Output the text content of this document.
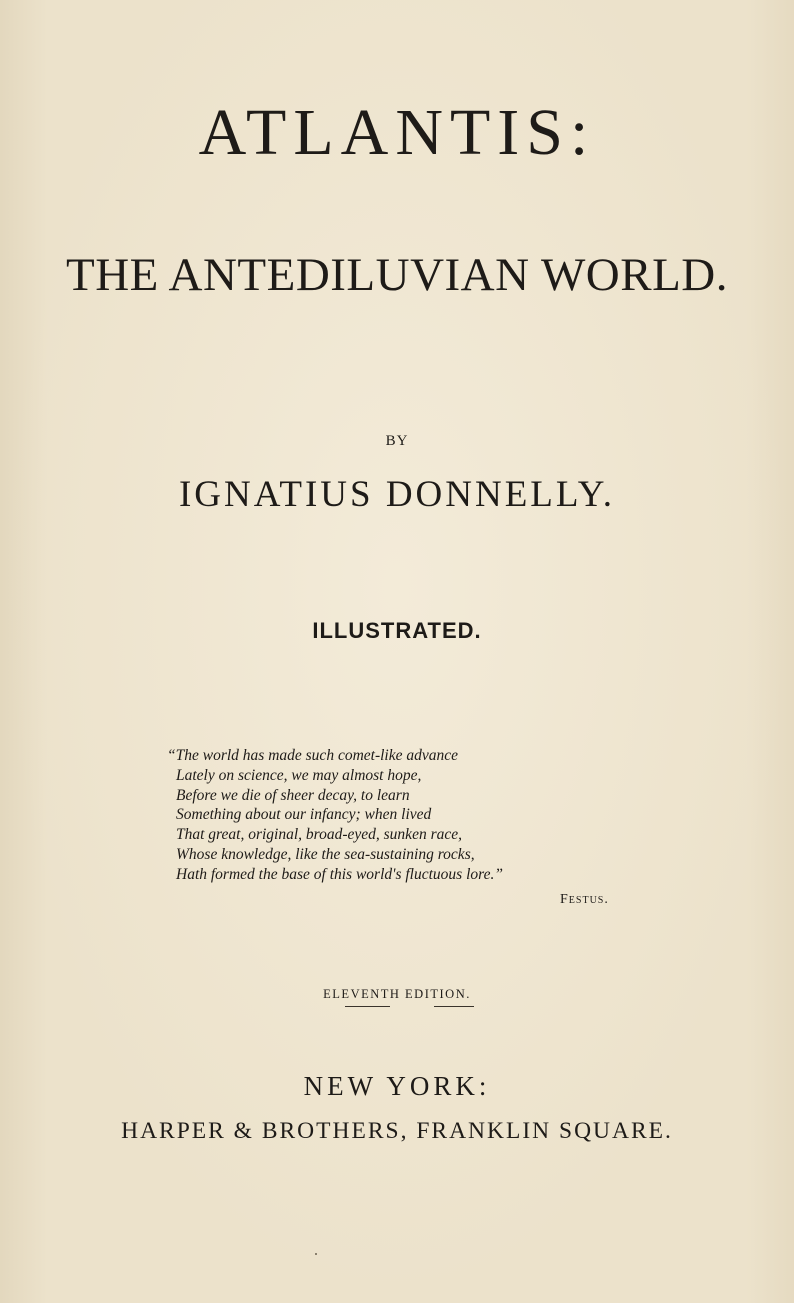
ATLANTIS:
THE ANTEDILUVIAN WORLD.
BY
IGNATIUS DONNELLY.
ILLUSTRATED.
“The world has made such comet-like advance
Lately on science, we may almost hope,
Before we die of sheer decay, to learn
Something about our infancy; when lived
That great, original, broad-eyed, sunken race,
Whose knowledge, like the sea-sustaining rocks,
Hath formed the base of this world's fluctuous lore.”
Festus.
ELEVENTH EDITION.
NEW YORK:
HARPER & BROTHERS, FRANKLIN SQUARE.
